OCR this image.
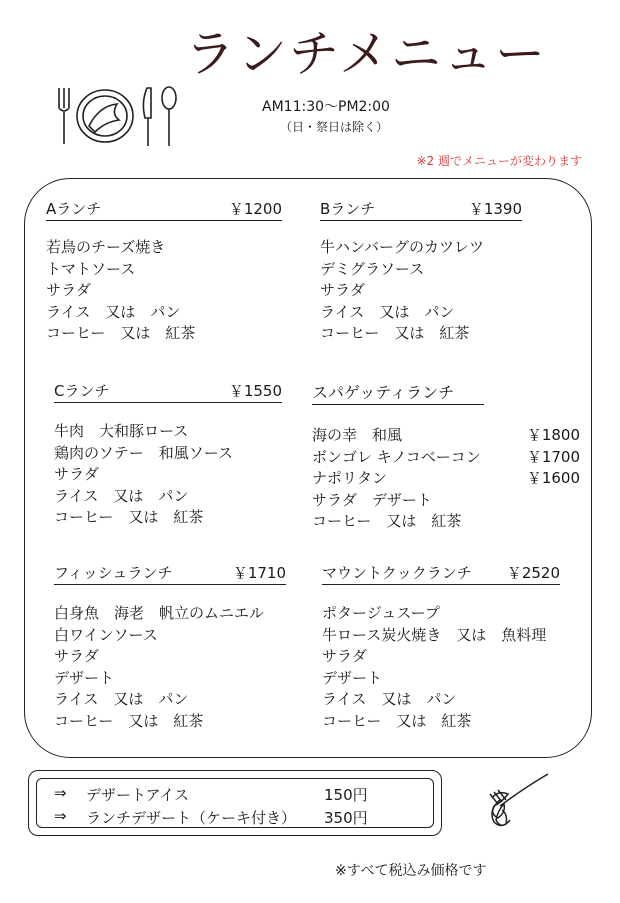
ランチメニュー
AM11:30～PM2:00
（日・祭日は除く）
※2 週でメニューが変わります
Aランチ	￥1200
若鳥のチーズ焼き
トマトソース
サラダ
ライス　又は　パン
コーヒー　又は　紅茶
Bランチ	￥1390
牛ハンバーグのカツレツ
デミグラソース
サラダ
ライス　又は　パン
コーヒー　又は　紅茶
Cランチ	￥1550
牛肉　大和豚ロース
鶏肉のソテー　和風ソース
サラダ
ライス　又は　パン
コーヒー　又は　紅茶
スパゲッティランチ
海の幸　和風	￥1800
ボンゴレ キノコベーコン	￥1700
ナポリタン	￥1600
サラダ　デザート
コーヒー　又は　紅茶
フィッシュランチ	￥1710
白身魚　海老　帆立のムニエル
白ワインソース
サラダ
デザート
ライス　又は　パン
コーヒー　又は　紅茶
マウントクックランチ ￥2520
ポタージュスープ
牛ロース炭火焼き　又は　魚料理
サラダ
デザート
ライス　又は　パン
コーヒー　又は　紅茶
⇒	デザートアイス	150円
⇒	ランチデザート（ケーキ付き）	350円
※すべて税込み価格です
